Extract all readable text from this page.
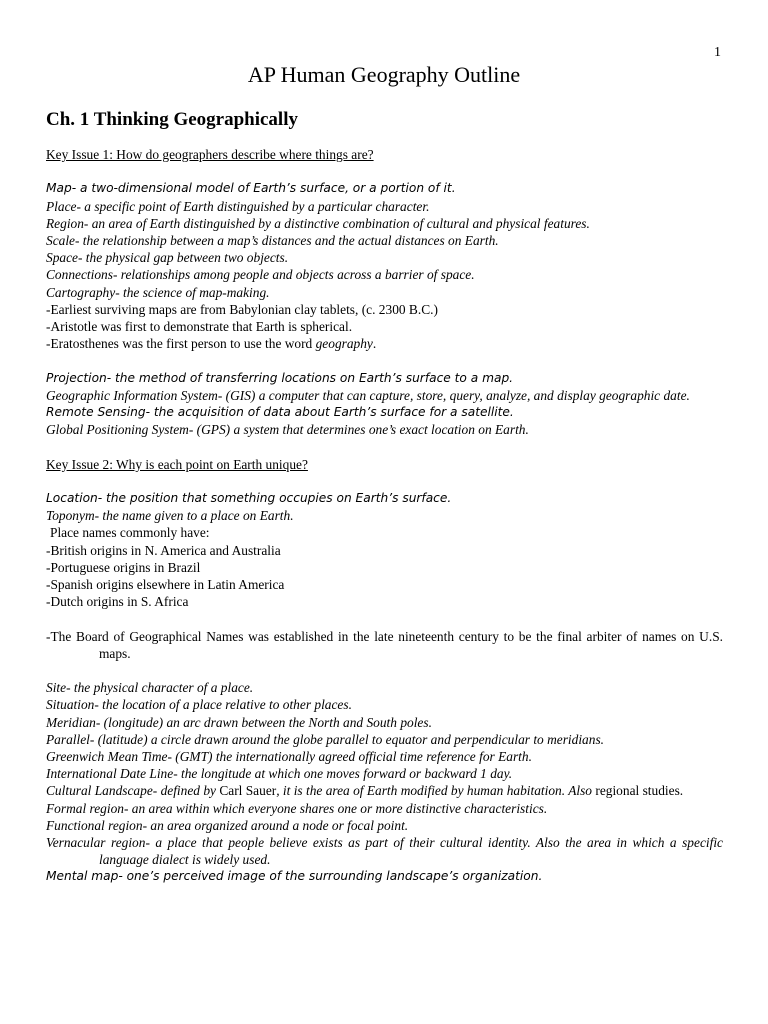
1
AP Human Geography Outline
Ch. 1 Thinking Geographically

Key Issue 1: How do geographers describe where things are?

Map- a two-dimensional model of Earth’s surface, or a portion of it.

Place- a specific point of Earth distinguished by a particular character.

Region- an area of Earth distinguished by a distinctive combination of cultural and physical features.

Scale- the relationship between a map’s distances and the actual distances on Earth.

Space- the physical gap between two objects.

Connections- relationships among people and objects across a barrier of space.

Cartography- the science of map-making.

-Earliest surviving maps are from Babylonian clay tablets, (c. 2300 B.C.)

-Aristotle was first to demonstrate that Earth is spherical.

-Eratosthenes was the first person to use the word geography.

Projection- the method of transferring locations on Earth’s surface to a map.

Geographic Information System- (GIS) a computer that can capture, store, query, analyze, and display geographic date.

Remote Sensing- the acquisition of data about Earth’s surface for a satellite.

Global Positioning System- (GPS) a system that determines one’s exact location on Earth.

Key Issue 2: Why is each point on Earth unique?

Location- the position that something occupies on Earth’s surface.

Toponym- the name given to a place on Earth.

Place names commonly have:

-British origins in N. America and Australia

-Portuguese origins in Brazil

-Spanish origins elsewhere in Latin America

-Dutch origins in S. Africa

-The Board of Geographical Names was established in the late nineteenth century to be the final arbiter of names on U.S. maps.

Site- the physical character of a place.

Situation- the location of a place relative to other places.

Meridian- (longitude) an arc drawn between the North and South poles.

Parallel- (latitude) a circle drawn around the globe parallel to equator and perpendicular to meridians.

Greenwich Mean Time- (GMT) the internationally agreed official time reference for Earth.

International Date Line- the longitude at which one moves forward or backward 1 day.

Cultural Landscape- defined by Carl Sauer, it is the area of Earth modified by human habitation. Also regional studies.

Formal region- an area within which everyone shares one or more distinctive characteristics.

Functional region- an area organized around a node or focal point.

Vernacular region- a place that people believe exists as part of their cultural identity. Also the area in which a specific language dialect is widely used.

Mental map- one’s perceived image of the surrounding landscape’s organization.
